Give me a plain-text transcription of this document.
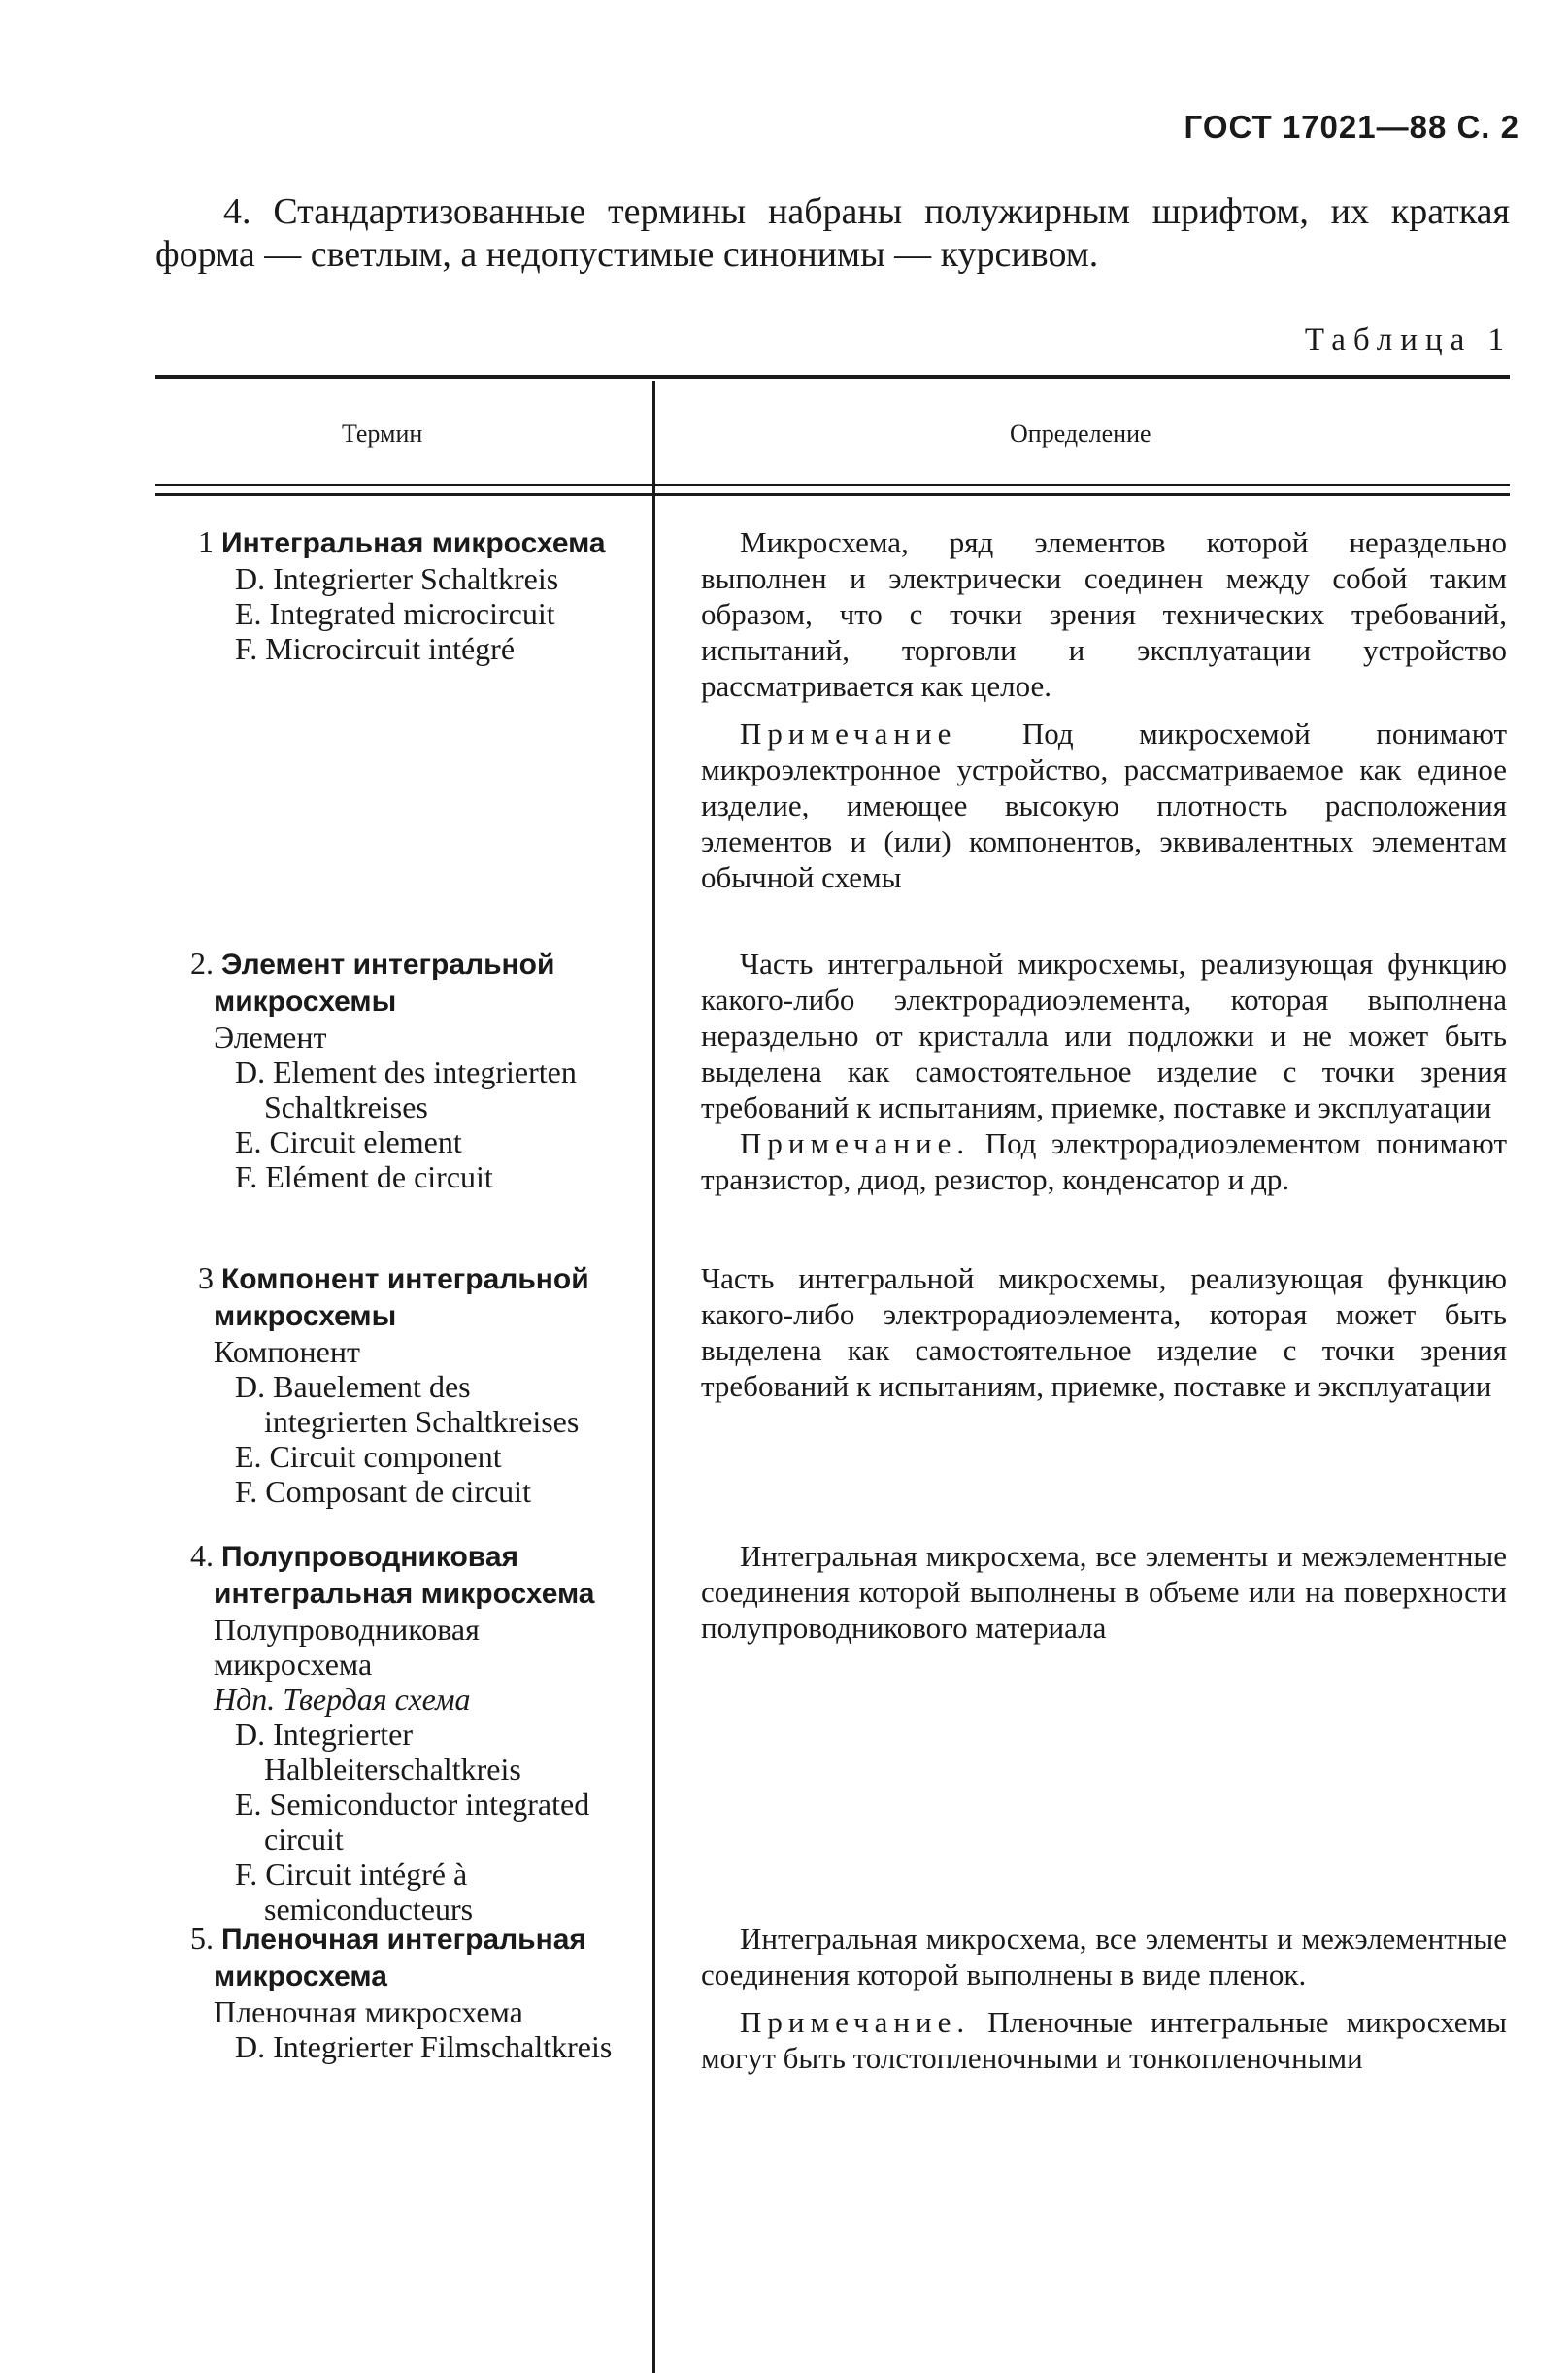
ГОСТ 17021—88 С. 2
4. Стандартизованные термины набраны полужирным шрифтом, их краткая форма — светлым, а недопустимые синонимы — курсивом.
Таблица 1
Термин	Определение
1 Интегральная микросхема
D. Integrierter Schaltkreis
E. Integrated microcircuit
F. Microcircuit intégré
Микросхема, ряд элементов которой нераздельно выполнен и электрически соединен между собой таким образом, что с точки зрения технических требований, испытаний, торговли и эксплуатации устройство рассматривается как целое.
Примечание Под микросхемой понимают микроэлектронное устройство, рассматриваемое как единое изделие, имеющее высокую плотность расположения элементов и (или) компонентов, эквивалентных элементам обычной схемы
2. Элемент интегральной микросхемы
Элемент
D. Element des integrierten Schaltkreises
E. Circuit element
F. Elément de circuit
Часть интегральной микросхемы, реализующая функцию какого-либо электрорадиоэлемента, которая выполнена нераздельно от кристалла или подложки и не может быть выделена как самостоятельное изделие с точки зрения требований к испытаниям, приемке, поставке и эксплуатации
Примечание. Под электрорадиоэлементом понимают транзистор, диод, резистор, конденсатор и др.
3 Компонент интегральной микросхемы
Компонент
D. Bauelement des integrierten Schaltkreises
E. Circuit component
F. Composant de circuit
Часть интегральной микросхемы, реализующая функцию какого-либо электрорадиоэлемента, которая может быть выделена как самостоятельное изделие с точки зрения требований к испытаниям, приемке, поставке и эксплуатации
4. Полупроводниковая интегральная микросхема
Полупроводниковая микросхема
Ндп. Твердая схема
D. Integrierter Halbleiterschaltkreis
E. Semiconductor integrated circuit
F. Circuit intégré à semiconducteurs
Интегральная микросхема, все элементы и межэлементные соединения которой выполнены в объеме или на поверхности полупроводникового материала
5. Пленочная интегральная микросхема
Пленочная микросхема
D. Integrierter Filmschaltkreis
Интегральная микросхема, все элементы и межэлементные соединения которой выполнены в виде пленок.
Примечание. Пленочные интегральные микросхемы могут быть толстопленочными и тонкопленочными
